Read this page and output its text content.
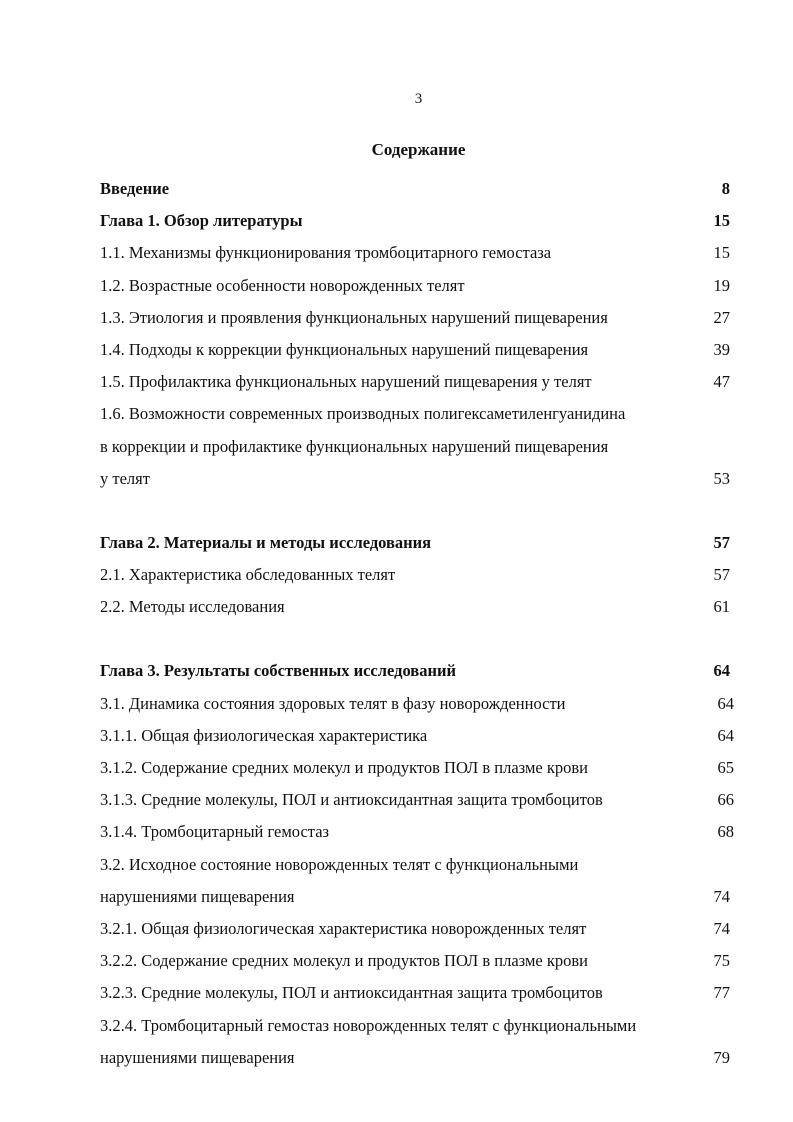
3
Содержание
Введение	8
Глава 1. Обзор литературы	15
1.1. Механизмы функционирования тромбоцитарного гемостаза	15
1.2. Возрастные особенности новорожденных телят	19
1.3. Этиология и проявления функциональных нарушений пищеварения	27
1.4. Подходы к коррекции функциональных нарушений пищеварения	39
1.5. Профилактика функциональных нарушений пищеварения у телят	47
1.6. Возможности современных производных полигексаметиленгуанидина
в коррекции и профилактике функциональных нарушений пищеварения
у телят	53
Глава 2. Материалы и методы исследования	57
2.1. Характеристика обследованных телят	57
2.2. Методы исследования	61
Глава 3. Результаты собственных исследований	64
3.1. Динамика состояния здоровых телят в фазу новорожденности	64
3.1.1. Общая физиологическая характеристика	64
3.1.2. Содержание средних молекул и продуктов ПОЛ в плазме крови	65
3.1.3. Средние молекулы, ПОЛ и антиоксидантная защита тромбоцитов	66
3.1.4. Тромбоцитарный гемостаз	68
3.2. Исходное состояние новорожденных телят с функциональными
нарушениями пищеварения	74
3.2.1. Общая физиологическая характеристика новорожденных телят	74
3.2.2. Содержание средних молекул и продуктов ПОЛ в плазме крови	75
3.2.3. Средние молекулы, ПОЛ и антиоксидантная защита тромбоцитов	77
3.2.4. Тромбоцитарный гемостаз новорожденных телят с функциональными
нарушениями пищеварения	79
